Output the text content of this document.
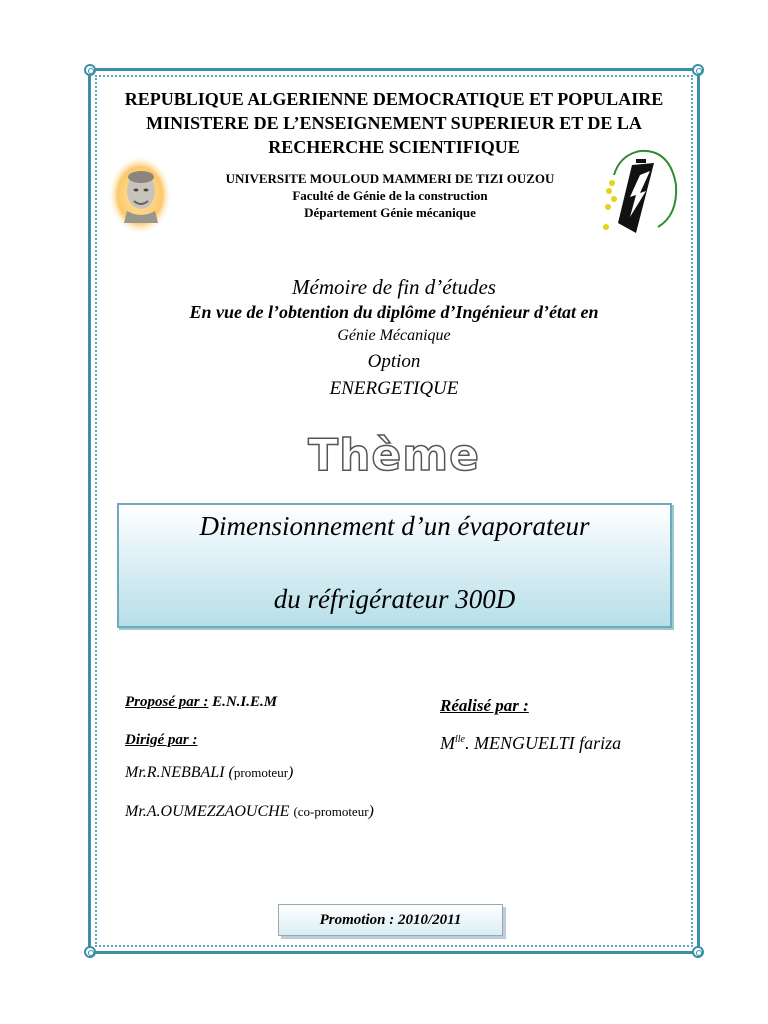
REPUBLIQUE ALGERIENNE DEMOCRATIQUE ET POPULAIRE
MINISTERE DE L’ENSEIGNEMENT SUPERIEUR ET DE LA
RECHERCHE SCIENTIFIQUE
UNIVERSITE MOULOUD MAMMERI DE TIZI OUZOU
Faculté de Génie de la construction
Département Génie mécanique
Mémoire de fin d’études
En vue de l’obtention du diplôme d’Ingénieur d’état en
Génie Mécanique
Option
ENERGETIQUE
Thème
Dimensionnement d’un évaporateur
du réfrigérateur 300D
Proposé par : E.N.I.E.M
Dirigé par :
Mr.R.NEBBALI (promoteur)
Mr.A.OUMEZZAOUCHE (co-promoteur)
Réalisé par :
$M^{lle}$. MENGUELTI fariza
Promotion : 2010/2011
